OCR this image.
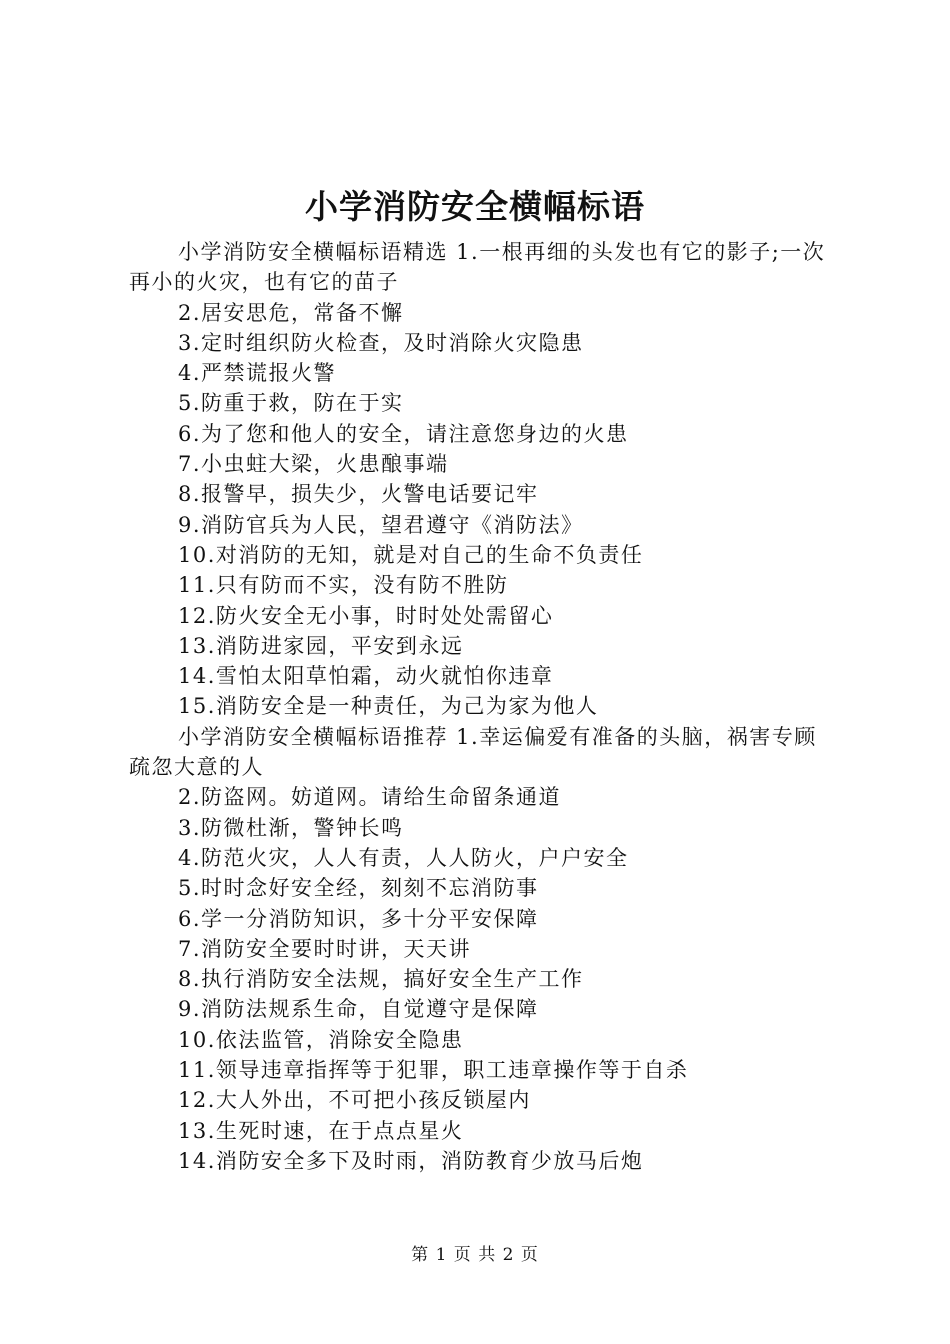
小学消防安全横幅标语
小学消防安全横幅标语精选 1.一根再细的头发也有它的影子;一次再小的火灾，也有它的苗子
2.居安思危，常备不懈
3.定时组织防火检查，及时消除火灾隐患
4.严禁谎报火警
5.防重于救，防在于实
6.为了您和他人的安全，请注意您身边的火患
7.小虫蛀大梁，火患酿事端
8.报警早，损失少，火警电话要记牢
9.消防官兵为人民，望君遵守《消防法》
10.对消防的无知，就是对自己的生命不负责任
11.只有防而不实，没有防不胜防
12.防火安全无小事，时时处处需留心
13.消防进家园，平安到永远
14.雪怕太阳草怕霜，动火就怕你违章
15.消防安全是一种责任，为己为家为他人
小学消防安全横幅标语推荐 1.幸运偏爱有准备的头脑，祸害专顾疏忽大意的人
2.防盗网。妨道网。请给生命留条通道
3.防微杜渐，警钟长鸣
4.防范火灾，人人有责，人人防火，户户安全
5.时时念好安全经，刻刻不忘消防事
6.学一分消防知识，多十分平安保障
7.消防安全要时时讲，天天讲
8.执行消防安全法规，搞好安全生产工作
9.消防法规系生命，自觉遵守是保障
10.依法监管，消除安全隐患
11.领导违章指挥等于犯罪，职工违章操作等于自杀
12.大人外出，不可把小孩反锁屋内
13.生死时速，在于点点星火
14.消防安全多下及时雨，消防教育少放马后炮
第 1 页 共 2 页
